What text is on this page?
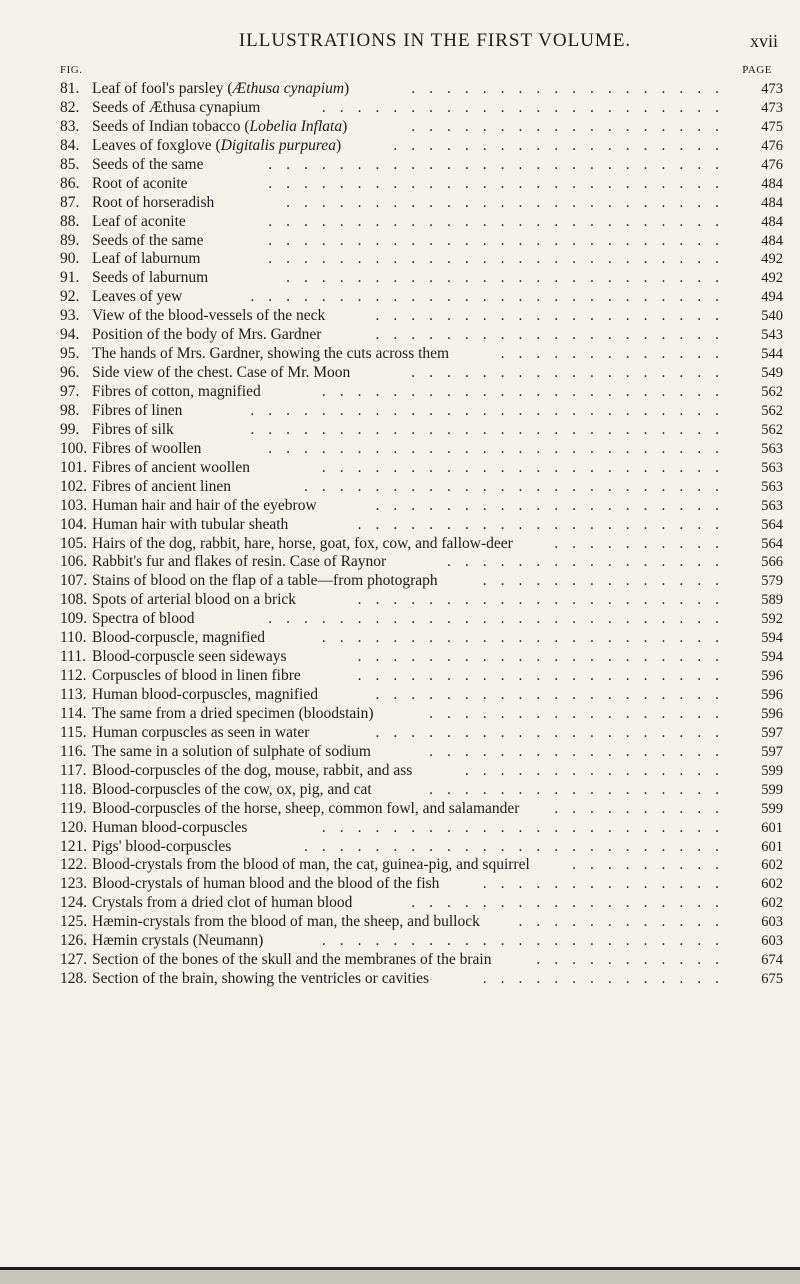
ILLUSTRATIONS IN THE FIRST VOLUME.	xvii
FIG.	PAGE
81. Leaf of fool's parsley (Æthusa cynapium)	.................. 473
82. Seeds of Æthusa cynapium	....................... 473
83. Seeds of Indian tobacco (Lobelia Inflata)	.................. 475
84. Leaves of foxglove (Digitalis purpurea)	................... 476
85. Seeds of the same	.......................... 476
86. Root of aconite	.......................... 484
87. Root of horseradish	......................... 484
88. Leaf of aconite	.......................... 484
89. Seeds of the same	.......................... 484
90. Leaf of laburnum	.......................... 492
91. Seeds of laburnum	......................... 492
92. Leaves of yew	........................... 494
93. View of the blood-vessels of the neck	.................... 540
94. Position of the body of Mrs. Gardner	.................... 543
95. The hands of Mrs. Gardner, showing the cuts across them	............. 544
96. Side view of the chest. Case of Mr. Moon	.................. 549
97. Fibres of cotton, magnified	....................... 562
98. Fibres of linen	........................... 562
99. Fibres of silk	........................... 562
100. Fibres of woollen	.......................... 563
101. Fibres of ancient woollen	....................... 563
102. Fibres of ancient linen	........................ 563
103. Human hair and hair of the eyebrow	.................... 563
104. Human hair with tubular sheath	..................... 564
105. Hairs of the dog, rabbit, hare, horse, goat, fox, cow, and fallow-deer	.......... 564
106. Rabbit's fur and flakes of resin. Case of Raynor	................ 566
107. Stains of blood on the flap of a table—from photograph	.............. 579
108. Spots of arterial blood on a brick	..................... 589
109. Spectra of blood	.......................... 592
110. Blood-corpuscle, magnified	....................... 594
111. Blood-corpuscle seen sideways	..................... 594
112. Corpuscles of blood in linen fibre	..................... 596
113. Human blood-corpuscles, magnified	.................... 596
114. The same from a dried specimen (bloodstain)	................. 596
115. Human corpuscles as seen in water	.................... 597
116. The same in a solution of sulphate of sodium	................. 597
117. Blood-corpuscles of the dog, mouse, rabbit, and ass	............... 599
118. Blood-corpuscles of the cow, ox, pig, and cat	................. 599
119. Blood-corpuscles of the horse, sheep, common fowl, and salamander	.......... 599
120. Human blood-corpuscles	....................... 601
121. Pigs' blood-corpuscles	........................ 601
122. Blood-crystals from the blood of man, the cat, guinea-pig, and squirrel	......... 602
123. Blood-crystals of human blood and the blood of the fish	.............. 602
124. Crystals from a dried clot of human blood	.................. 602
125. Hæmin-crystals from the blood of man, the sheep, and bullock	............ 603
126. Hæmin crystals (Neumann)	....................... 603
127. Section of the bones of the skull and the membranes of the brain	........... 674
128. Section of the brain, showing the ventricles or cavities	.............. 675
